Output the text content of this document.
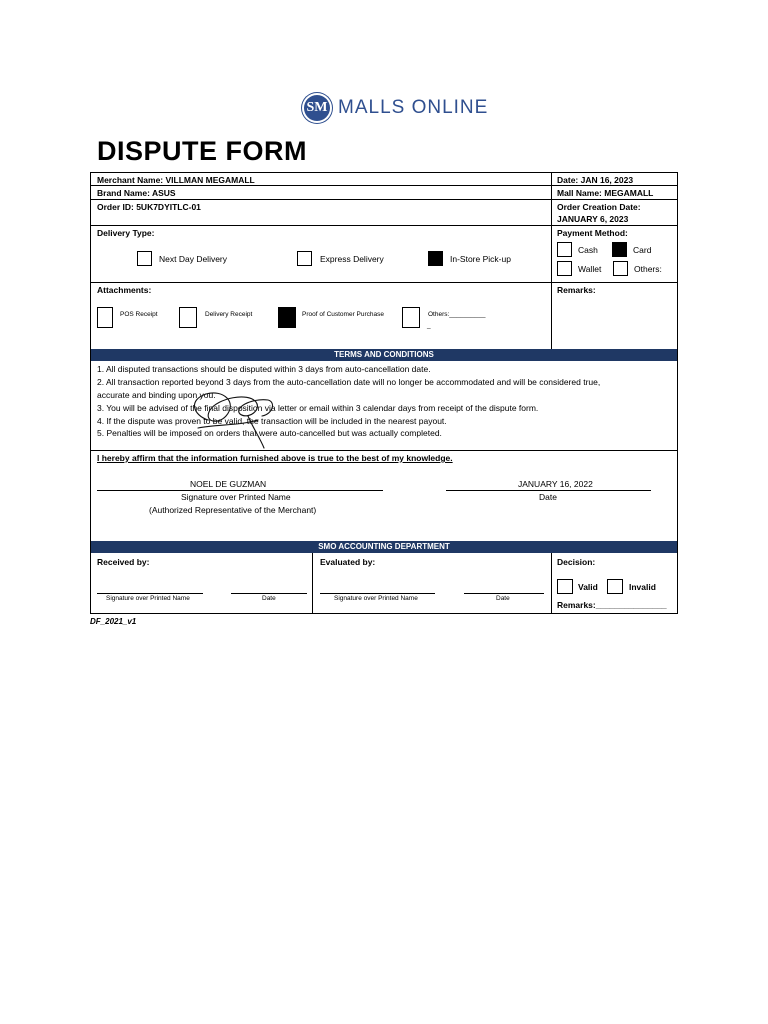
SM MALLS ONLINE
DISPUTE FORM
Merchant Name: VILLMAN MEGAMALL
Brand Name: ASUS
Order ID: 5UK7DYITLC-01
Date: JAN 16, 2023
Mall Name: MEGAMALL
Order Creation Date:
JANUARY 6, 2023
Delivery Type:
Next Day Delivery	Express Delivery	In-Store Pick-up
Payment Method:
Cash	Card
Wallet	Others:
Attachments:
POS Receipt	Delivery Receipt	Proof of Customer Purchase	Others:__________
_
Remarks:
TERMS AND CONDITIONS
1. All disputed transactions should be disputed within 3 days from auto-cancellation date.
2. All transaction reported beyond 3 days from the auto-cancellation date will no longer be accommodated and will be considered true,
accurate and binding upon you.
3. You will be advised of the final disposition via letter or email within 3 calendar days from receipt of the dispute form.
4. If the dispute was proven to be valid, the transaction will be included in the nearest payout.
5. Penalties will be imposed on orders that were auto-cancelled but was actually completed.
I hereby affirm that the information furnished above is true to the best of my knowledge.
NOEL DE GUZMAN
Signature over Printed Name
(Authorized Representative of the Merchant)
JANUARY 16, 2022
Date
SMO ACCOUNTING DEPARTMENT
Received by:
Signature over Printed Name	Date
Evaluated by:
Signature over Printed Name	Date
Decision:
Valid	Invalid
Remarks:_______________
DF_2021_v1
